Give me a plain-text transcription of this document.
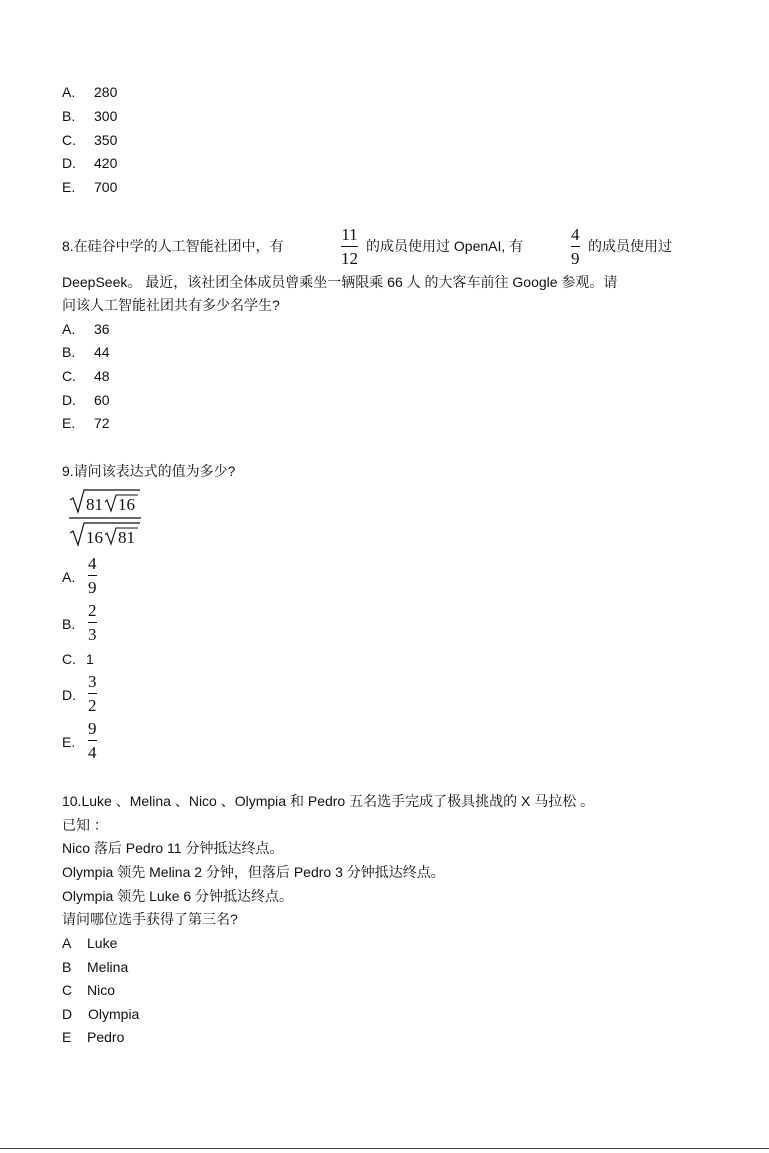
A. 280
B. 300
C. 350
D. 420
E. 700
8.在硅谷中学的人工智能社团中，有
11
12
的成员使用过 OpenAI, 有
4
9
的成员使用过
DeepSeek。 最近，该社团全体成员曾乘坐一辆限乘 66 人 的大客车前往 Google 参观。请
问该人工智能社团共有多少名学生?
A. 36
B. 44
C. 48
D. 60
E. 72
9.请问该表达式的值为多少?
81 16
16 81
A.
4
9
B.
2
3
C. 1
D.
3
2
E.
9
4
10.Luke 、Melina 、Nico 、Olympia 和 Pedro 五名选手完成了极具挑战的 X 马拉松 。
已知 ：
Nico 落后 Pedro 11 分钟抵达终点。
Olympia 领先 Melina 2 分钟，但落后 Pedro 3 分钟抵达终点。
Olympia 领先 Luke 6 分钟抵达终点。
请问哪位选手获得了第三名?
A Luke
B Melina
C Nico
D Olympia
E Pedro
